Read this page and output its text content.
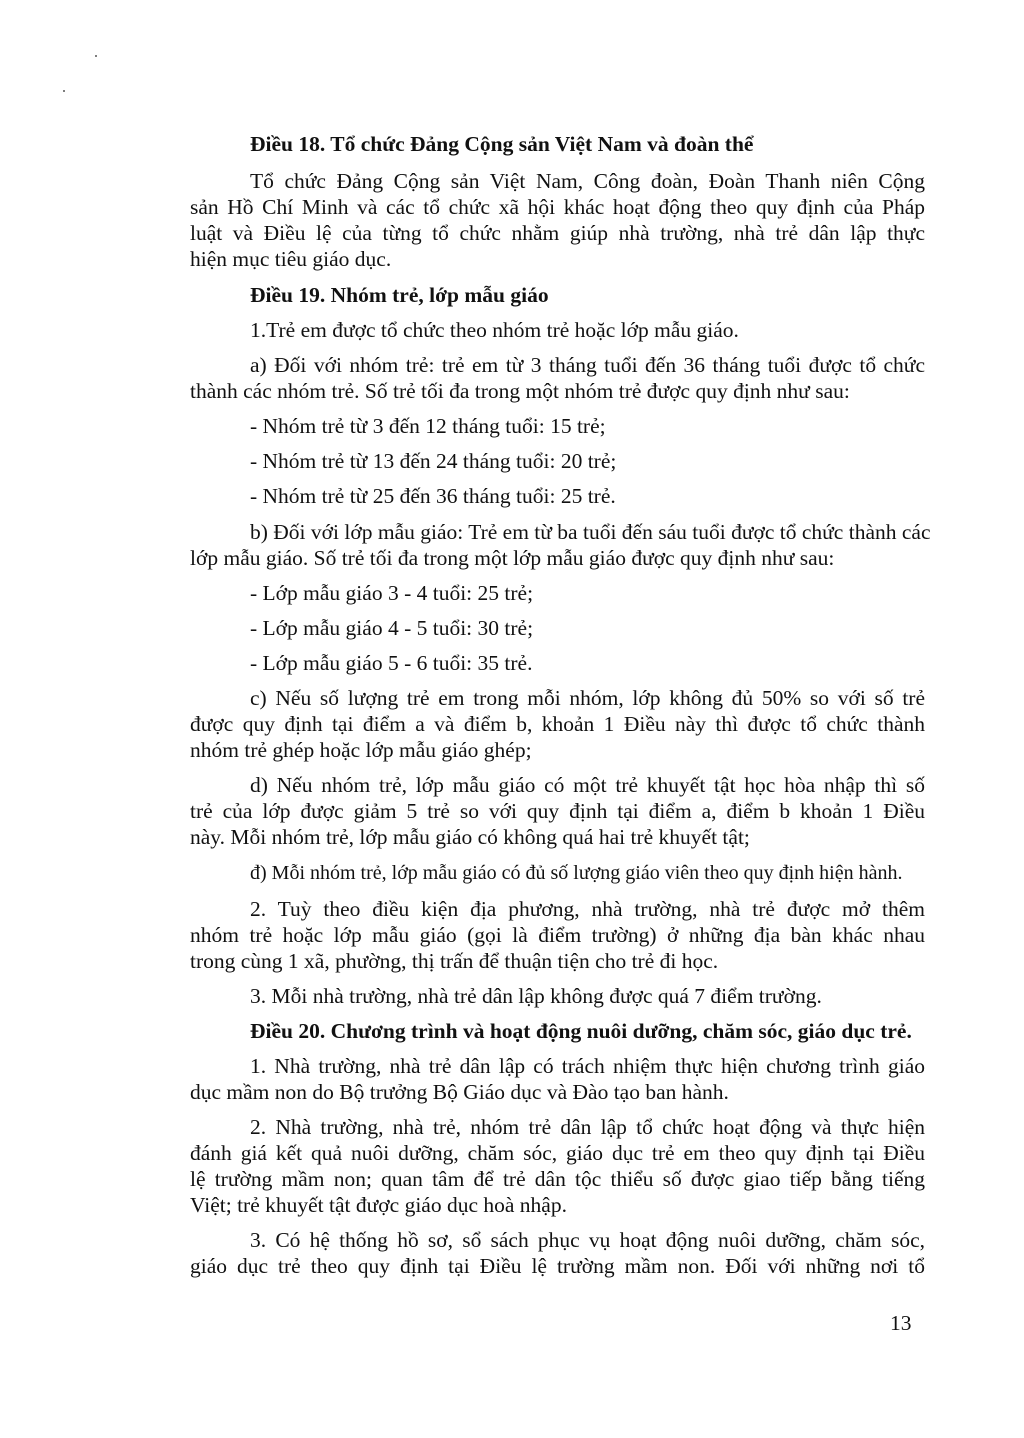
Điều 18. Tổ chức Đảng Cộng sản Việt Nam và đoàn thể
Tổ chức Đảng Cộng sản Việt Nam, Công đoàn, Đoàn Thanh niên Cộng
sản Hồ Chí Minh và các tổ chức xã hội khác hoạt động theo quy định của Pháp
luật và Điều lệ của từng tổ chức nhằm giúp nhà trường, nhà trẻ dân lập thực
hiện mục tiêu giáo dục.
Điều 19. Nhóm trẻ, lớp mẫu giáo
1.Trẻ em được tổ chức theo nhóm trẻ hoặc lớp mẫu giáo.
a) Đối với nhóm trẻ: trẻ em từ 3 tháng tuổi đến 36 tháng tuổi được tổ chức
thành các nhóm trẻ. Số trẻ tối đa trong một nhóm trẻ được quy định như sau:
- Nhóm trẻ từ 3 đến 12 tháng tuổi: 15 trẻ;
- Nhóm trẻ từ 13 đến 24 tháng tuổi: 20 trẻ;
- Nhóm trẻ từ 25 đến 36 tháng tuổi: 25 trẻ.
b) Đối với lớp mẫu giáo: Trẻ em từ ba tuổi đến sáu tuổi được tổ chức thành các
lớp mẫu giáo. Số trẻ tối đa trong một lớp mẫu giáo được quy định như sau:
- Lớp mẫu giáo 3 - 4 tuổi: 25 trẻ;
- Lớp mẫu giáo 4 - 5 tuổi: 30 trẻ;
- Lớp mẫu giáo 5 - 6 tuổi: 35 trẻ.
c) Nếu số lượng trẻ em trong mỗi nhóm, lớp không đủ 50% so với số trẻ
được quy định tại điểm a và điểm b, khoản 1 Điều này thì được tổ chức thành
nhóm trẻ ghép hoặc lớp mẫu giáo ghép;
d) Nếu nhóm trẻ, lớp mẫu giáo có một trẻ khuyết tật học hòa nhập thì số
trẻ của lớp được giảm 5 trẻ so với quy định tại điểm a, điểm b khoản 1 Điều
này. Mỗi nhóm trẻ, lớp mẫu giáo có không quá hai trẻ khuyết tật;
đ) Mỗi nhóm trẻ, lớp mẫu giáo có đủ số lượng giáo viên theo quy định hiện hành.
2. Tuỳ theo điều kiện địa phương, nhà trường, nhà trẻ được mở thêm
nhóm trẻ hoặc lớp mẫu giáo (gọi là điểm trường) ở những địa bàn khác nhau
trong cùng 1 xã, phường, thị trấn để thuận tiện cho trẻ đi học.
3. Mỗi nhà trường, nhà trẻ dân lập không được quá 7 điểm trường.
Điều 20. Chương trình và hoạt động nuôi dưỡng, chăm sóc, giáo dục trẻ.
1. Nhà trường, nhà trẻ dân lập có trách nhiệm thực hiện chương trình giáo
dục mầm non do Bộ trưởng Bộ Giáo dục và Đào tạo ban hành.
2. Nhà trường, nhà trẻ, nhóm trẻ dân lập tổ chức hoạt động và thực hiện
đánh giá kết quả nuôi dưỡng, chăm sóc, giáo dục trẻ em theo quy định tại Điều
lệ trường mầm non; quan tâm để trẻ dân tộc thiểu số được giao tiếp bằng tiếng
Việt; trẻ khuyết tật được giáo dục hoà nhập.
3. Có hệ thống hồ sơ, sổ sách phục vụ hoạt động nuôi dưỡng, chăm sóc,
giáo dục trẻ theo quy định tại Điều lệ trường mầm non. Đối với những nơi tổ
13
